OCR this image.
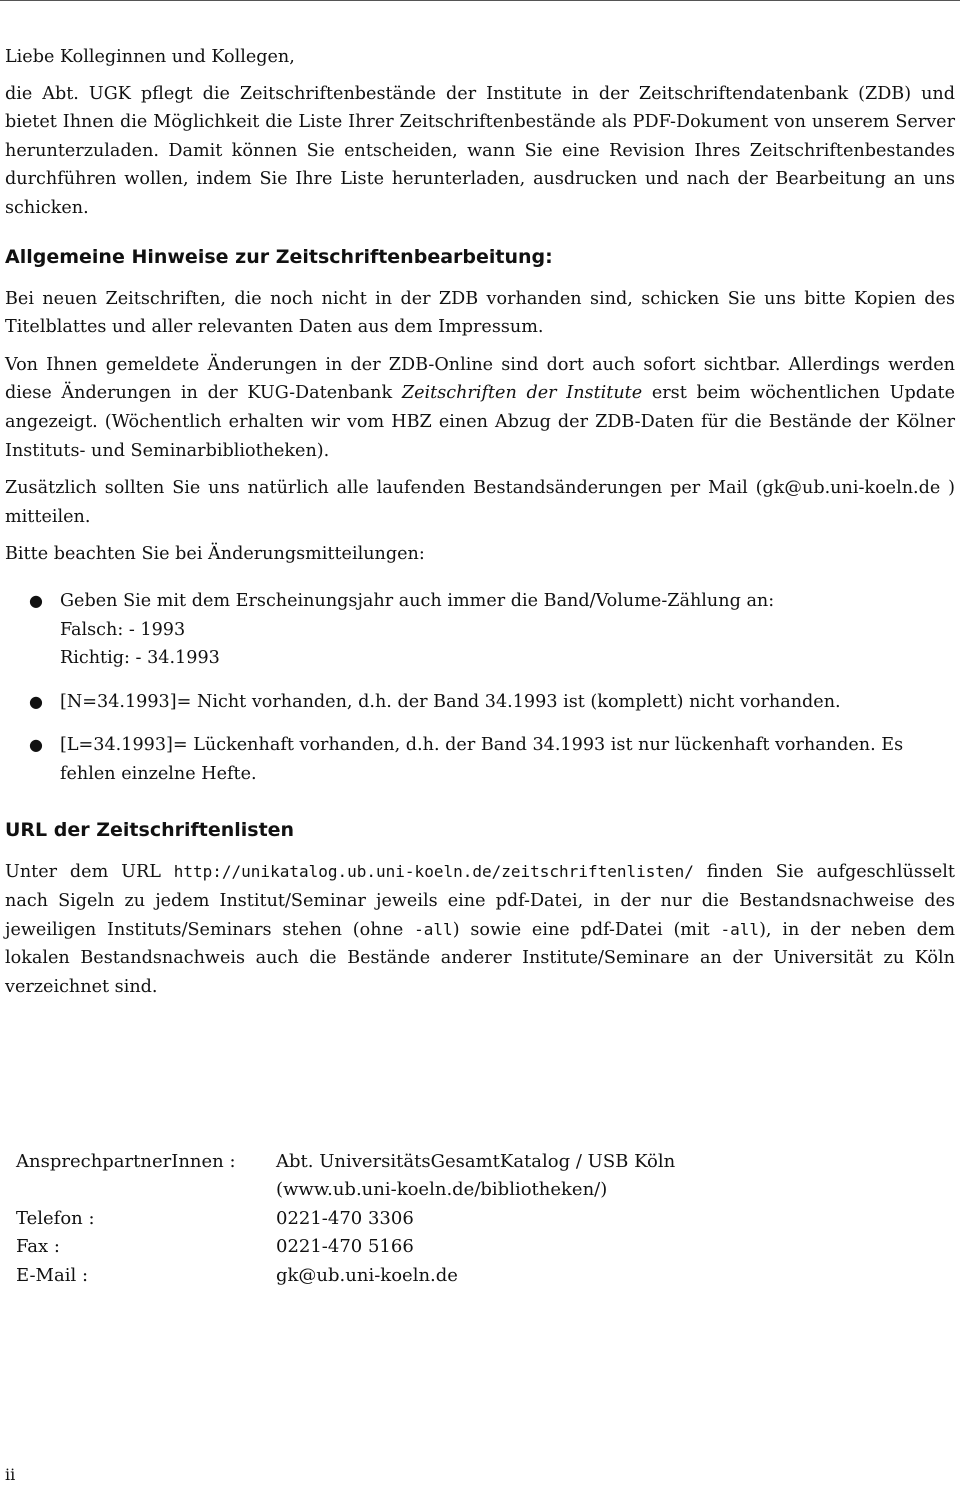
Liebe Kolleginnen und Kollegen,

die Abt. UGK pflegt die Zeitschriftenbestände der Institute in der Zeitschriftendatenbank (ZDB) und bietet Ihnen die Möglichkeit die Liste Ihrer Zeitschriftenbestände als PDF-Dokument von unserem Server herunterzuladen. Damit können Sie entscheiden, wann Sie eine Revision Ihres Zeitschriftenbestandes durchführen wollen, indem Sie Ihre Liste herunterladen, ausdrucken und nach der Bearbeitung an uns schicken.

Allgemeine Hinweise zur Zeitschriftenbearbeitung:

Bei neuen Zeitschriften, die noch nicht in der ZDB vorhanden sind, schicken Sie uns bitte Kopien des Titelblattes und aller relevanten Daten aus dem Impressum.

Von Ihnen gemeldete Änderungen in der ZDB-Online sind dort auch sofort sichtbar. Allerdings werden diese Änderungen in der KUG-Datenbank Zeitschriften der Institute erst beim wöchentlichen Update angezeigt. (Wöchentlich erhalten wir vom HBZ einen Abzug der ZDB-Daten für die Bestände der Kölner Instituts- und Seminarbibliotheken).

Zusätzlich sollten Sie uns natürlich alle laufenden Bestandsänderungen per Mail (gk@ub.uni-koeln.de ) mitteilen.

Bitte beachten Sie bei Änderungsmitteilungen:

● Geben Sie mit dem Erscheinungsjahr auch immer die Band/Volume-Zählung an:
Falsch: - 1993
Richtig: - 34.1993
● [N=34.1993]= Nicht vorhanden, d.h. der Band 34.1993 ist (komplett) nicht vorhanden.
● [L=34.1993]= Lückenhaft vorhanden, d.h. der Band 34.1993 ist nur lückenhaft vorhanden. Es fehlen einzelne Hefte.
URL der Zeitschriftenlisten

Unter dem URL http://unikatalog.ub.uni-koeln.de/zeitschriftenlisten/ finden Sie aufgeschlüsselt nach Sigeln zu jedem Institut/Seminar jeweils eine pdf-Datei, in der nur die Bestandsnachweise des jeweiligen Instituts/Seminars stehen (ohne -all) sowie eine pdf-Datei (mit -all), in der neben dem lokalen Bestandsnachweis auch die Bestände anderer Institute/Seminare an der Universität zu Köln verzeichnet sind.

AnsprechpartnerInnen :	Abt. UniversitätsGesamtKatalog / USB Köln
(www.ub.uni-koeln.de/bibliotheken/)
Telefon :	0221-470 3306
Fax :	0221-470 5166
E-Mail :	gk@ub.uni-koeln.de
ii
